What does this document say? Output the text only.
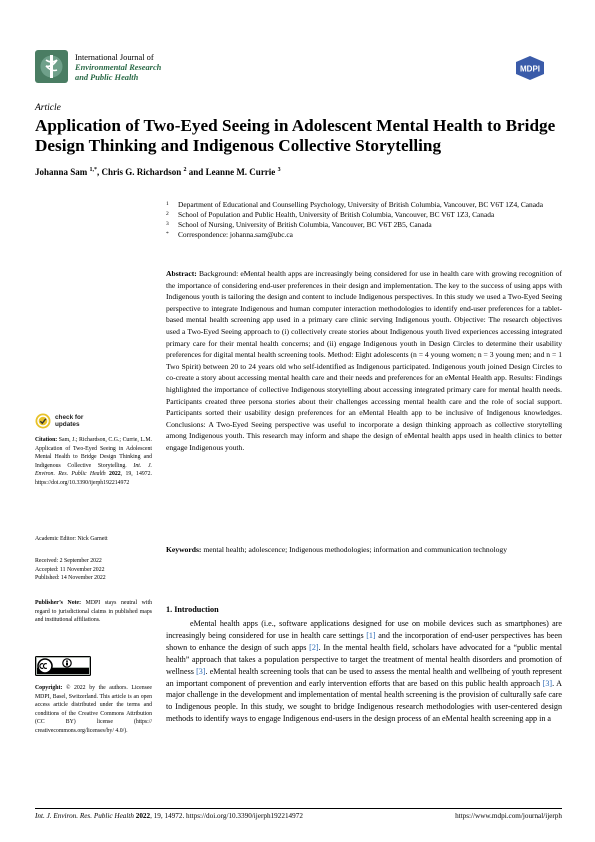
International Journal of
Environmental Research
and Public Health
MDPI
Article
Application of Two-Eyed Seeing in Adolescent Mental Health to Bridge Design Thinking and Indigenous Collective Storytelling
Johanna Sam $^{1,*}$, Chris G. Richardson $^2$ and Leanne M. Currie $^3$
1	Department of Educational and Counselling Psychology, University of British Columbia, Vancouver, BC V6T 1Z4, Canada
2	School of Population and Public Health, University of British Columbia, Vancouver, BC V6T 1Z3, Canada
3	School of Nursing, University of British Columbia, Vancouver, BC V6T 2B5, Canada
*	Correspondence: johanna.sam@ubc.ca
Abstract: Background: eMental health apps are increasingly being considered for use in health care with growing recognition of the importance of considering end-user preferences in their design and implementation. The key to the success of using apps with Indigenous youth is tailoring the design and content to include Indigenous perspectives. In this study we used a Two-Eyed Seeing perspective to integrate Indigenous and human computer interaction methodologies to identify end-user preferences for a tablet-based mental health screening app used in a primary care clinic serving Indigenous youth. Objective: The research objectives used a Two-Eyed Seeing approach to (i) collectively create stories about Indigenous youth lived experiences accessing integrated primary care for their mental health concerns; and (ii) engage Indigenous youth in Design Circles to determine their usability preferences for digital mental health screening tools. Method: Eight adolescents (n = 4 young women; n = 3 young men; and n = 1 Two Spirit) between 20 to 24 years old who self-identified as Indigenous participated. Indigenous youth joined Design Circles to co-create a story about accessing mental health care and their needs and preferences for an eMental Health app. Results: Findings highlighted the importance of collective Indigenous storytelling about accessing integrated primary care for mental health needs. Participants created three persona stories about their challenges accessing mental health care and the role of social support. Participants sorted their usability design preferences for an eMental Health app to be inclusive of Indigenous knowledges. Conclusions: A Two-Eyed Seeing perspective was useful to incorporate a design thinking approach as collective storytelling among Indigenous youth. This research may inform and shape the design of eMental health apps used in health clinics to better engage Indigenous youth.
Keywords: mental health; adolescence; Indigenous methodologies; information and communication technology
1. Introduction
eMental health apps (i.e., software applications designed for use on mobile devices such as smartphones) are increasingly being considered for use in health care settings [1] and the incorporation of end-user perspectives has been shown to enhance the design of such apps [2]. In the mental health field, scholars have advocated for a “public mental health” approach that takes a population perspective to target the treatment of mental health disorders and promotion of wellness [3]. eMental health screening tools that can be used to assess the mental health and wellbeing of youth represent an important component of prevention and early intervention efforts that are based on this public health approach [3]. A major challenge in the development and implementation of mental health screening is the provision of culturally safe care to Indigenous people. In this study, we sought to bridge Indigenous research methodologies with user-centered design methods to identify ways to engage Indigenous end-users in the design process of an eMental health screening app in a
check for
updates
Citation: Sam, J.; Richardson, C.G.; Currie, L.M. Application of Two-Eyed Seeing in Adolescent Mental Health to Bridge Design Thinking and Indigenous Collective Storytelling. Int. J. Environ. Res. Public Health 2022, 19, 14972. https://doi.org/10.3390/ijerph192214972
Academic Editor: Nick Garnett
Received: 2 September 2022
Accepted: 11 November 2022
Published: 14 November 2022
Publisher’s Note: MDPI stays neutral with regard to jurisdictional claims in published maps and institutional affiliations.
Copyright: © 2022 by the authors. Licensee MDPI, Basel, Switzerland. This article is an open access article distributed under the terms and conditions of the Creative Commons Attribution (CC BY) license (https:// creativecommons.org/licenses/by/ 4.0/).
Int. J. Environ. Res. Public Health 2022, 19, 14972. https://doi.org/10.3390/ijerph192214972	https://www.mdpi.com/journal/ijerph
